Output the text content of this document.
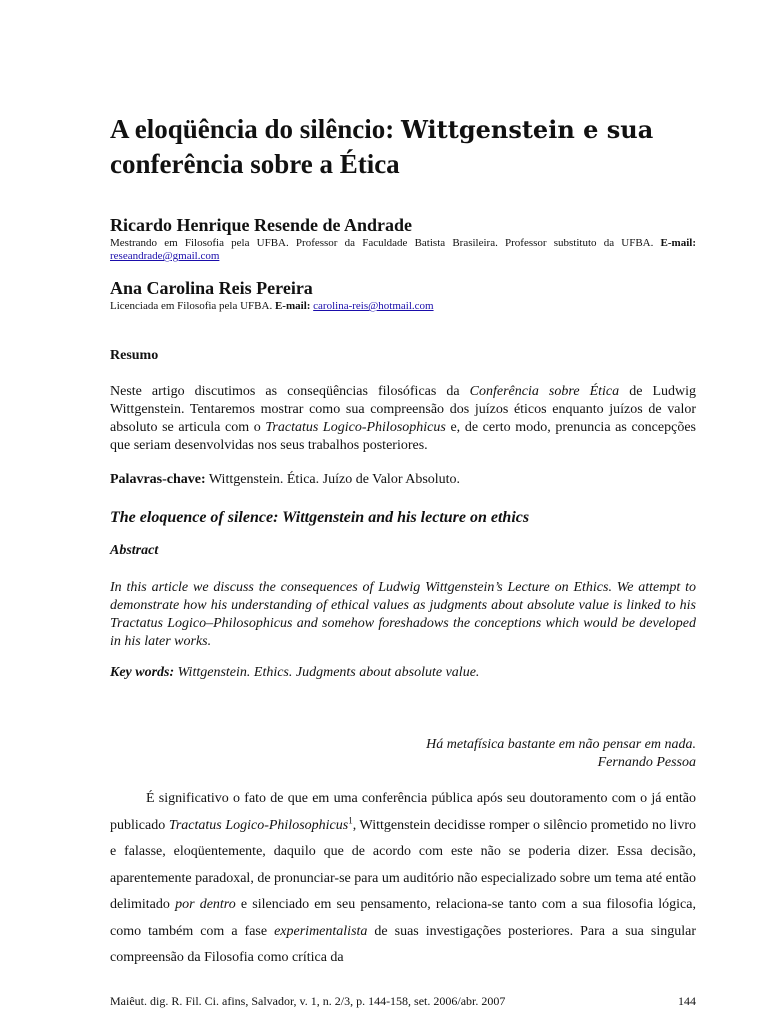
A eloqüência do silêncio: Wittgenstein e sua
conferência sobre a Ética
Ricardo Henrique Resende de Andrade
Mestrando em Filosofia pela UFBA. Professor da Faculdade Batista Brasileira. Professor substituto da UFBA. E-mail: reseandrade@gmail.com
Ana Carolina Reis Pereira
Licenciada em Filosofia pela UFBA. E-mail: carolina-reis@hotmail.com
Resumo

Neste artigo discutimos as conseqüências filosóficas da Conferência sobre Ética de Ludwig Wittgenstein. Tentaremos mostrar como sua compreensão dos juízos éticos enquanto juízos de valor absoluto se articula com o Tractatus Logico-Philosophicus e, de certo modo, prenuncia as concepções que seriam desenvolvidas nos seus trabalhos posteriores.

Palavras-chave: Wittgenstein. Ética. Juízo de Valor Absoluto.
The eloquence of silence: Wittgenstein and his lecture on ethics
Abstract

In this article we discuss the consequences of Ludwig Wittgenstein’s Lecture on Ethics. We attempt to demonstrate how his understanding of ethical values as judgments about absolute value is linked to his Tractatus Logico–Philosophicus and somehow foreshadows the conceptions which would be developed in his later works.

Key words: Wittgenstein. Ethics. Judgments about absolute value.
Há metafísica bastante em não pensar em nada.
Fernando Pessoa

É significativo o fato de que em uma conferência pública após seu doutoramento com o já então publicado Tractatus Logico-Philosophicus$^1$, Wittgenstein decidisse romper o silêncio prometido no livro e falasse, eloqüentemente, daquilo que de acordo com este não se poderia dizer. Essa decisão, aparentemente paradoxal, de pronunciar-se para um auditório não especializado sobre um tema até então delimitado por dentro e silenciado em seu pensamento, relaciona-se tanto com a sua filosofia lógica, como também com a fase experimentalista de suas investigações posteriores. Para a sua singular compreensão da Filosofia como crítica da

Maiêut. dig. R. Fil. Ci. afins, Salvador, v. 1, n. 2/3, p. 144-158, set. 2006/abr. 2007	144
